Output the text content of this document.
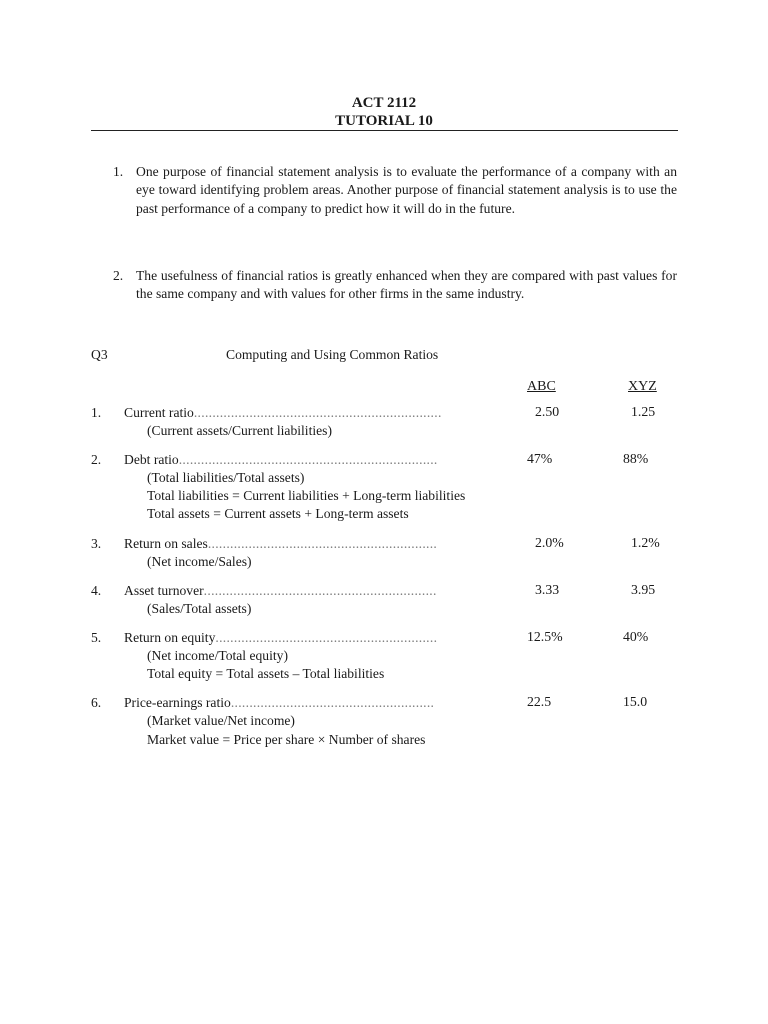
ACT 2112
TUTORIAL 10
1. One purpose of financial statement analysis is to evaluate the performance of a company with an eye toward identifying problem areas. Another purpose of financial statement analysis is to use the past performance of a company to predict how it will do in the future.
2. The usefulness of financial ratios is greatly enhanced when they are compared with past values for the same company and with values for other firms in the same industry.
Q3	Computing and Using Common Ratios
ABC	XYZ
1. Current ratio...................................................................	2.50	1.25
(Current assets/Current liabilities)
2. Debt ratio......................................................................	47%	88%
(Total liabilities/Total assets)
Total liabilities = Current liabilities + Long-term liabilities
Total assets = Current assets + Long-term assets
3. Return on sales..............................................................	2.0%	1.2%
(Net income/Sales)
4. Asset turnover...............................................................	3.33	3.95
(Sales/Total assets)
5. Return on equity............................................................	12.5%	40%
(Net income/Total equity)
Total equity = Total assets – Total liabilities
6. Price-earnings ratio.......................................................	22.5	15.0
(Market value/Net income)
Market value = Price per share × Number of shares
